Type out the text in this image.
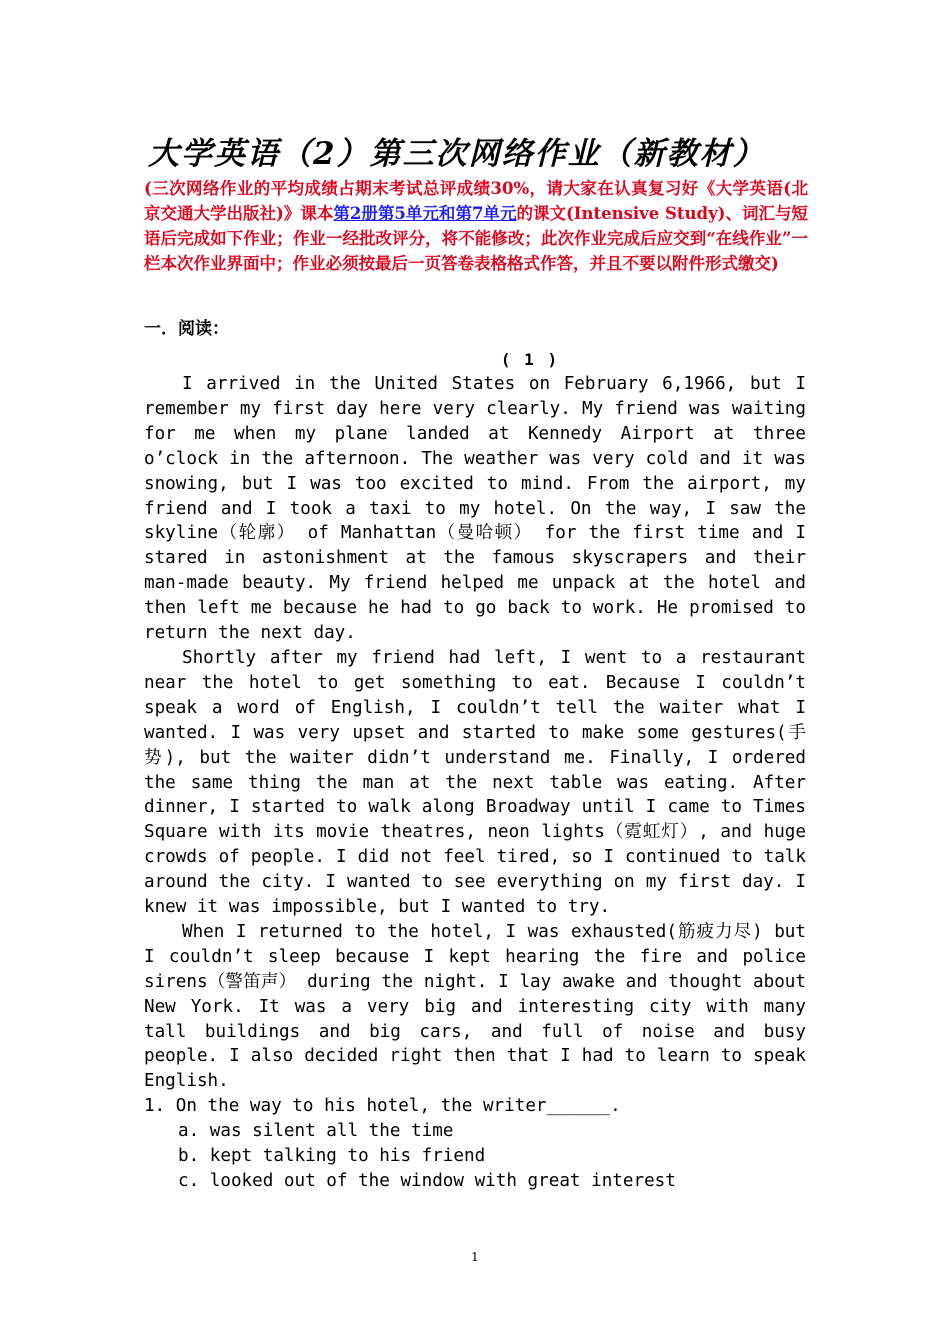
大学英语（2）第三次网络作业（新教材）
(三次网络作业的平均成绩占期末考试总评成绩30%，请大家在认真复习好《大学英语(北京交通大学出版社)》课本第2册第5单元和第7单元的课文(Intensive Study)、词汇与短语后完成如下作业；作业一经批改评分，将不能修改；此次作业完成后应交到“在线作业”一栏本次作业界面中；作业必须按最后一页答卷表格格式作答，并且不要以附件形式缴交)
一．阅读：
( 1 )

I arrived in the United States on February 6,1966, but I remember my first day here very clearly. My friend was waiting for me when my plane landed at Kennedy Airport at three o’clock in the afternoon. The weather was very cold and it was snowing, but I was too excited to mind. From the airport, my friend and I took a taxi to my hotel. On the way, I saw the skyline（轮廓） of Manhattan（曼哈顿） for the first time and I stared in astonishment at the famous skyscrapers and their man-made beauty. My friend helped me unpack at the hotel and then left me because he had to go back to work. He promised to return the next day.

Shortly after my friend had left, I went to a restaurant near the hotel to get something to eat. Because I couldn’t speak a word of English, I couldn’t tell the waiter what I wanted. I was very upset and started to make some gestures(手势), but the waiter didn’t understand me. Finally, I ordered the same thing the man at the next table was eating. After dinner, I started to walk along Broadway until I came to Times Square with its movie theatres, neon lights（霓虹灯）, and huge crowds of people. I did not feel tired, so I continued to talk around the city. I wanted to see everything on my first day. I knew it was impossible, but I wanted to try.

When I returned to the hotel, I was exhausted(筋疲力尽) but I couldn’t sleep because I kept hearing the fire and police sirens（警笛声） during the night. I lay awake and thought about New York. It was a very big and interesting city with many tall buildings and big cars, and full of noise and busy people. I also decided right then that I had to learn to speak English.

1. On the way to his hotel, the writer______.
a. was silent all the time
b. kept talking to his friend
c. looked out of the window with great interest
1
